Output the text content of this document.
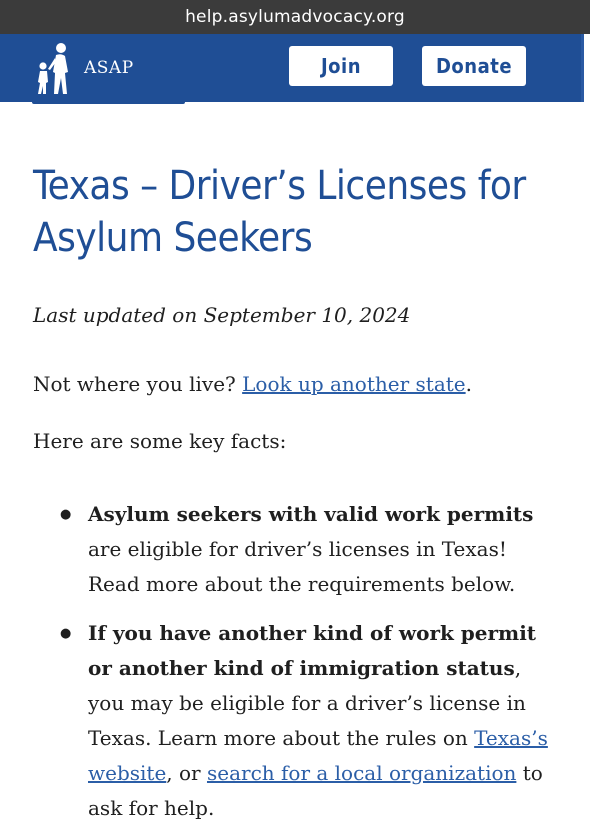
help.asylumadvocacy.org
ASAP	Join	Donate
Texas – Driver’s Licenses for Asylum Seekers
Last updated on September 10, 2024
Not where you live? Look up another state.
Here are some key facts:
● Asylum seekers with valid work permits are eligible for driver’s licenses in Texas! Read more about the requirements below.
● If you have another kind of work permit or another kind of immigration status, you may be eligible for a driver’s license in Texas. Learn more about the rules on Texas’s website, or search for a local organization to ask for help.
